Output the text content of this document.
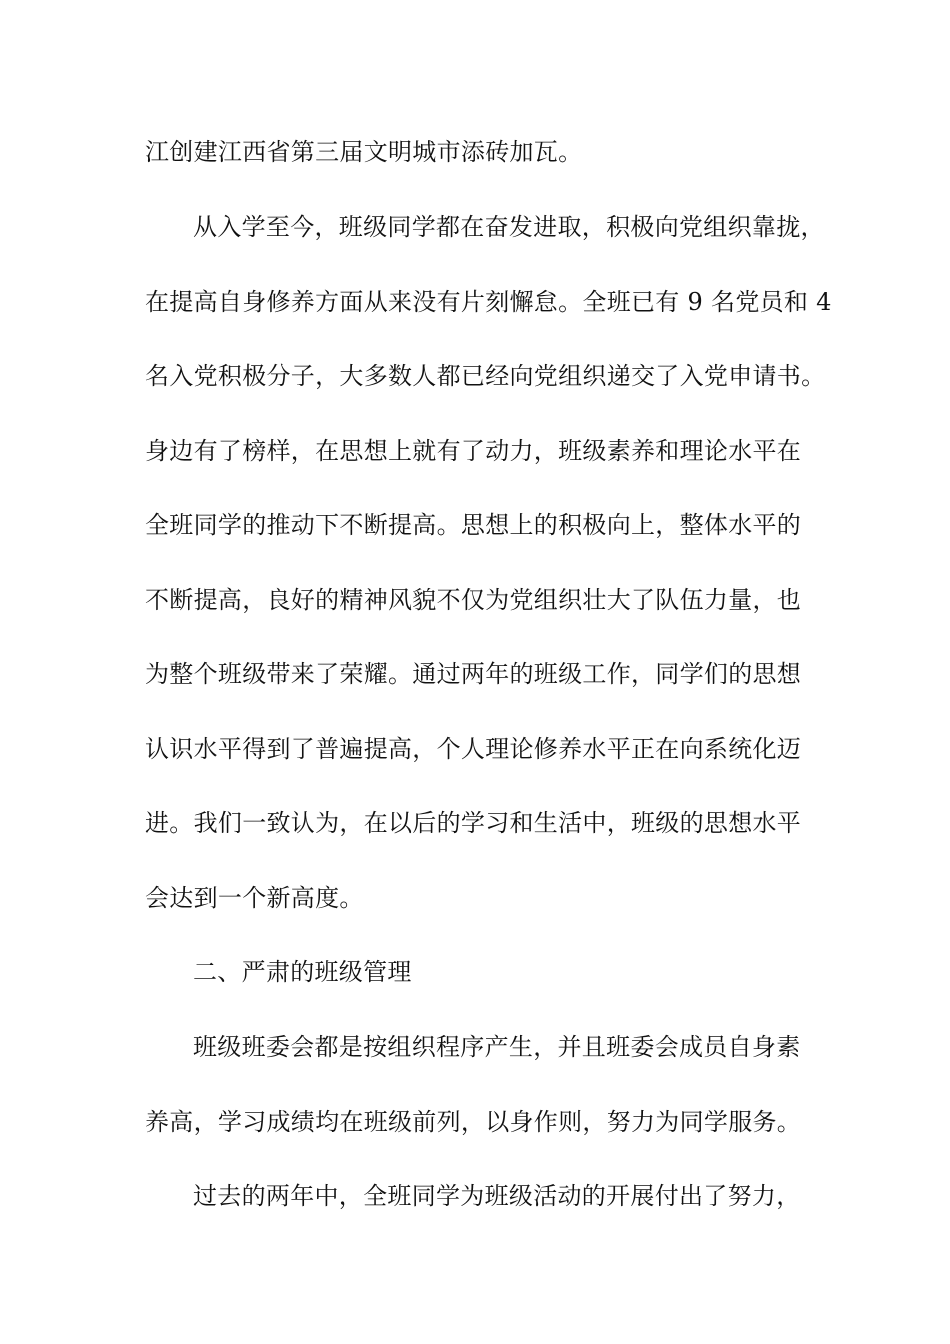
江创建江西省第三届文明城市添砖加瓦。
从入学至今，班级同学都在奋发进取，积极向党组织靠拢，
在提高自身修养方面从来没有片刻懈怠。全班已有 9 名党员和 4
名入党积极分子，大多数人都已经向党组织递交了入党申请书。
身边有了榜样，在思想上就有了动力，班级素养和理论水平在
全班同学的推动下不断提高。思想上的积极向上，整体水平的
不断提高，良好的精神风貌不仅为党组织壮大了队伍力量，也
为整个班级带来了荣耀。通过两年的班级工作，同学们的思想
认识水平得到了普遍提高，个人理论修养水平正在向系统化迈
进。我们一致认为，在以后的学习和生活中，班级的思想水平
会达到一个新高度。
二、严肃的班级管理
班级班委会都是按组织程序产生，并且班委会成员自身素
养高，学习成绩均在班级前列，以身作则，努力为同学服务。
过去的两年中，全班同学为班级活动的开展付出了努力，
